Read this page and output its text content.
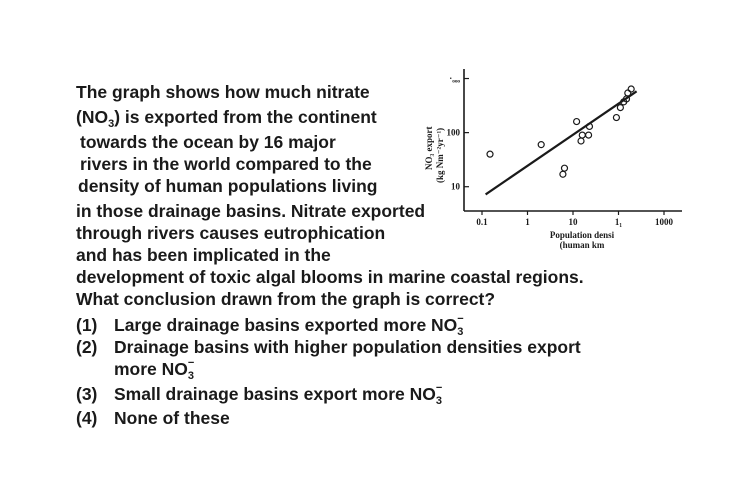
The graph shows how much nitrate
$(NO_3)$ is exported from the continent
towards the ocean by 16 major
rivers in the world compared to the
density of human populations living
in those drainage basins. Nitrate exported
through rivers causes eutrophication
and has been implicated in the
development of toxic algal blooms in marine coastal regions.
What conclusion drawn from the graph is correct?
(1) Large drainage basins exported more $NO_3$
−
(2) Drainage basins with higher population densities export
more $NO_3$
−
(3) Small drainage basins export more $NO_3$
−
(4) None of these
0.1	1	10	1₁	1000
·ₒₒₒ
100
10
NO₃ export (kg Nm⁻²yr⁻¹)
Population densi
(human km
